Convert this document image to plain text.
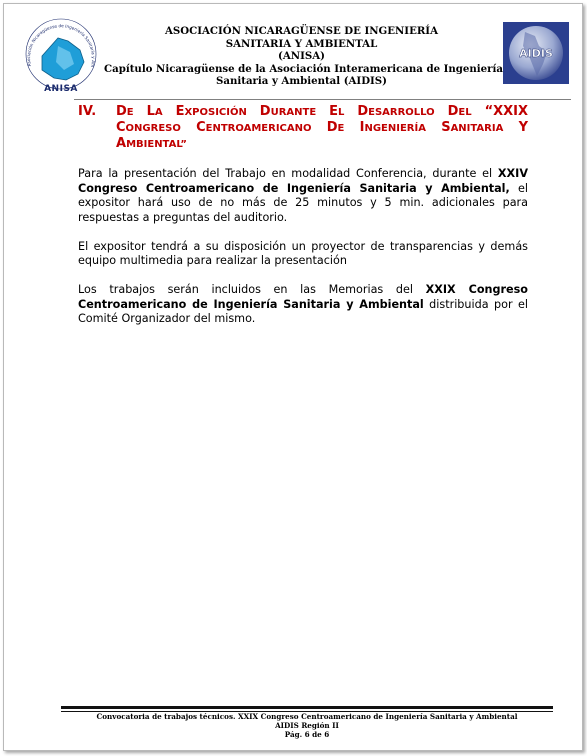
Asociación Nicaragüense de Ingeniería Sanitaria y Am
ANISA
AIDIS
ASOCIACIÓN NICARAGÜENSE DE INGENIERÍA
SANITARIA Y AMBIENTAL
(ANISA)
Capítulo Nicaragüense de la Asociación Interamericana de Ingeniería
Sanitaria y Ambiental (AIDIS)
IV. DE LA EXPOSICIÓN DURANTE EL DESARROLLO DEL “XXIX CONGRESO CENTROAMERICANO DE INGENIERÍA SANITARIA Y AMBIENTAL”

Para la presentación del Trabajo en modalidad Conferencia, durante el XXIV Congreso Centroamericano de Ingeniería Sanitaria y Ambiental, el expositor hará uso de no más de 25 minutos y 5 min. adicionales para respuestas a preguntas del auditorio.

El expositor tendrá a su disposición un proyector de transparencias y demás equipo multimedia para realizar la presentación

Los trabajos serán incluidos en las Memorias del XXIX Congreso Centroamericano de Ingeniería Sanitaria y Ambiental distribuida por el Comité Organizador del mismo.

Convocatoria de trabajos técnicos. XXIX Congreso Centroamericano de Ingeniería Sanitaria y Ambiental
AIDIS Región II
Pág. 6 de 6
